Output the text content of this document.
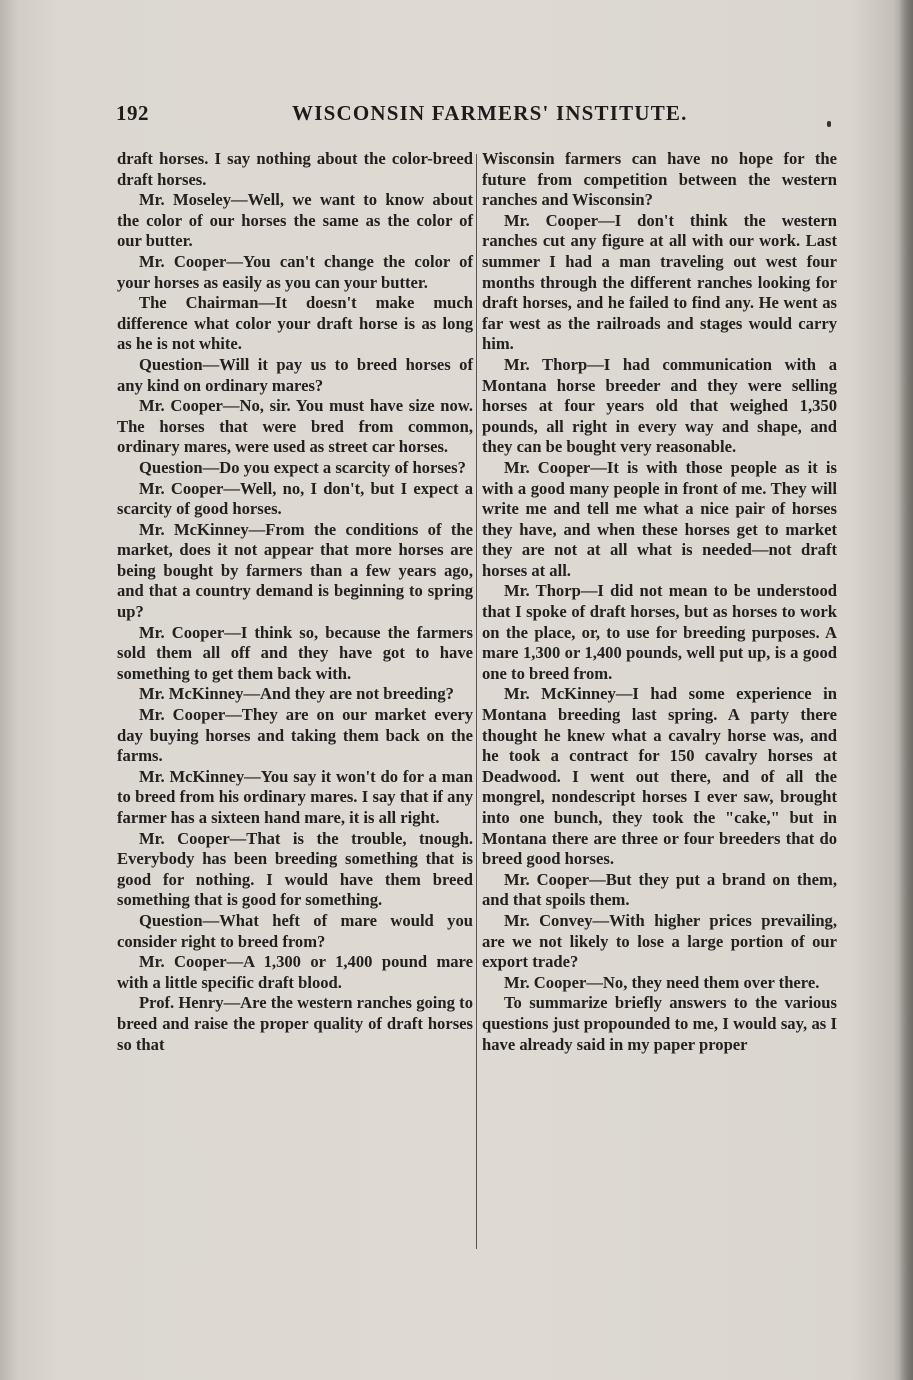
192	WISCONSIN FARMERS' INSTITUTE.

draft horses. I say nothing about the color-breed draft horses.

Mr. Moseley—Well, we want to know about the color of our horses the same as the color of our butter.

Mr. Cooper—You can't change the color of your horses as easily as you can your butter.

The Chairman—It doesn't make much difference what color your draft horse is as long as he is not white.

Question—Will it pay us to breed horses of any kind on ordinary mares?

Mr. Cooper—No, sir. You must have size now. The horses that were bred from common, ordinary mares, were used as street car horses.

Question—Do you expect a scarcity of horses?

Mr. Cooper—Well, no, I don't, but I expect a scarcity of good horses.

Mr. McKinney—From the conditions of the market, does it not appear that more horses are being bought by farmers than a few years ago, and that a country demand is beginning to spring up?

Mr. Cooper—I think so, because the farmers sold them all off and they have got to have something to get them back with.

Mr. McKinney—And they are not breeding?

Mr. Cooper—They are on our market every day buying horses and taking them back on the farms.

Mr. McKinney—You say it won't do for a man to breed from his ordinary mares. I say that if any farmer has a sixteen hand mare, it is all right.

Mr. Cooper—That is the trouble, tnough. Everybody has been breeding something that is good for nothing. I would have them breed something that is good for something.

Question—What heft of mare would you consider right to breed from?

Mr. Cooper—A 1,300 or 1,400 pound mare with a little specific draft blood.

Prof. Henry—Are the western ranches going to breed and raise the proper quality of draft horses so that

Wisconsin farmers can have no hope for the future from competition between the western ranches and Wisconsin?

Mr. Cooper—I don't think the western ranches cut any figure at all with our work. Last summer I had a man traveling out west four months through the different ranches looking for draft horses, and he failed to find any. He went as far west as the railroads and stages would carry him.

Mr. Thorp—I had communication with a Montana horse breeder and they were selling horses at four years old that weighed 1,350 pounds, all right in every way and shape, and they can be bought very reasonable.

Mr. Cooper—It is with those people as it is with a good many people in front of me. They will write me and tell me what a nice pair of horses they have, and when these horses get to market they are not at all what is needed—not draft horses at all.

Mr. Thorp—I did not mean to be understood that I spoke of draft horses, but as horses to work on the place, or, to use for breeding purposes. A mare 1,300 or 1,400 pounds, well put up, is a good one to breed from.

Mr. McKinney—I had some experience in Montana breeding last spring. A party there thought he knew what a cavalry horse was, and he took a contract for 150 cavalry horses at Deadwood. I went out there, and of all the mongrel, nondescript horses I ever saw, brought into one bunch, they took the "cake," but in Montana there are three or four breeders that do breed good horses.

Mr. Cooper—But they put a brand on them, and that spoils them.

Mr. Convey—With higher prices prevailing, are we not likely to lose a large portion of our export trade?

Mr. Cooper—No, they need them over there.

To summarize briefly answers to the various questions just propounded to me, I would say, as I have already said in my paper proper
